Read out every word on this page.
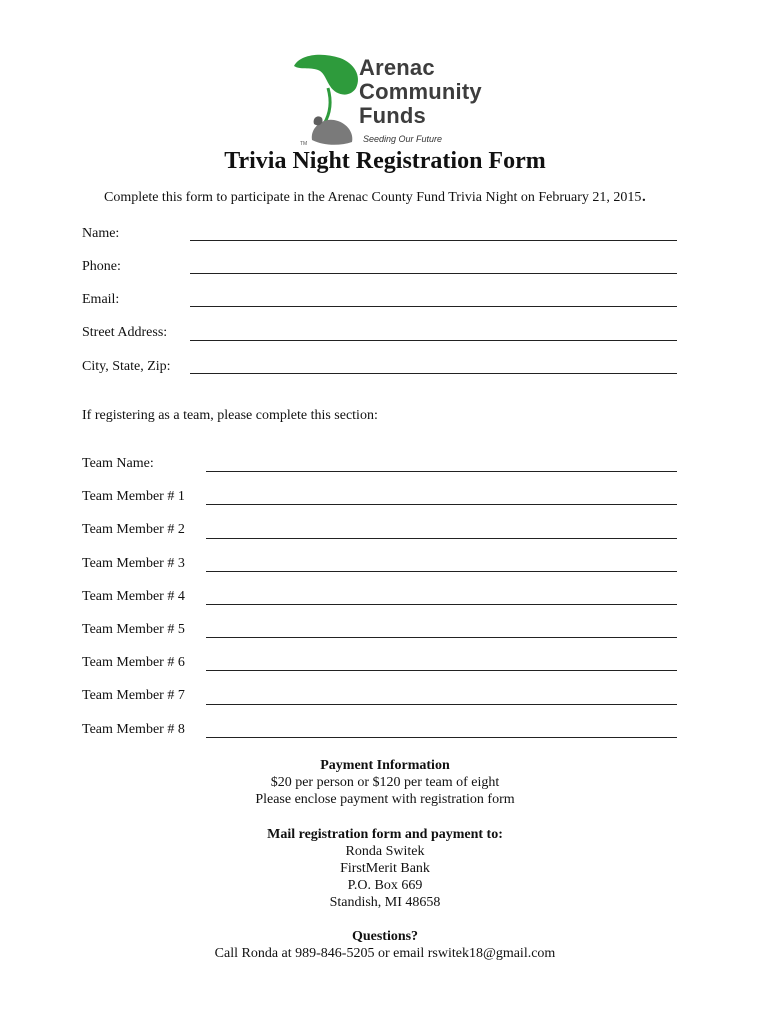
TM
Arenac
Community
Funds
Seeding Our Future
Trivia Night Registration Form
Complete this form to participate in the Arenac County Fund Trivia Night on February 21, 2015.
Name:
Phone:
Email:
Street Address:
City, State, Zip:
If registering as a team, please complete this section:
Team Name:
Team Member # 1
Team Member # 2
Team Member # 3
Team Member # 4
Team Member # 5
Team Member # 6
Team Member # 7
Team Member # 8
Payment Information
$20 per person or $120 per team of eight
Please enclose payment with registration form
Mail registration form and payment to:
Ronda Switek
FirstMerit Bank
P.O. Box 669
Standish, MI 48658
Questions?
Call Ronda at 989-846-5205 or email rswitek18@gmail.com
